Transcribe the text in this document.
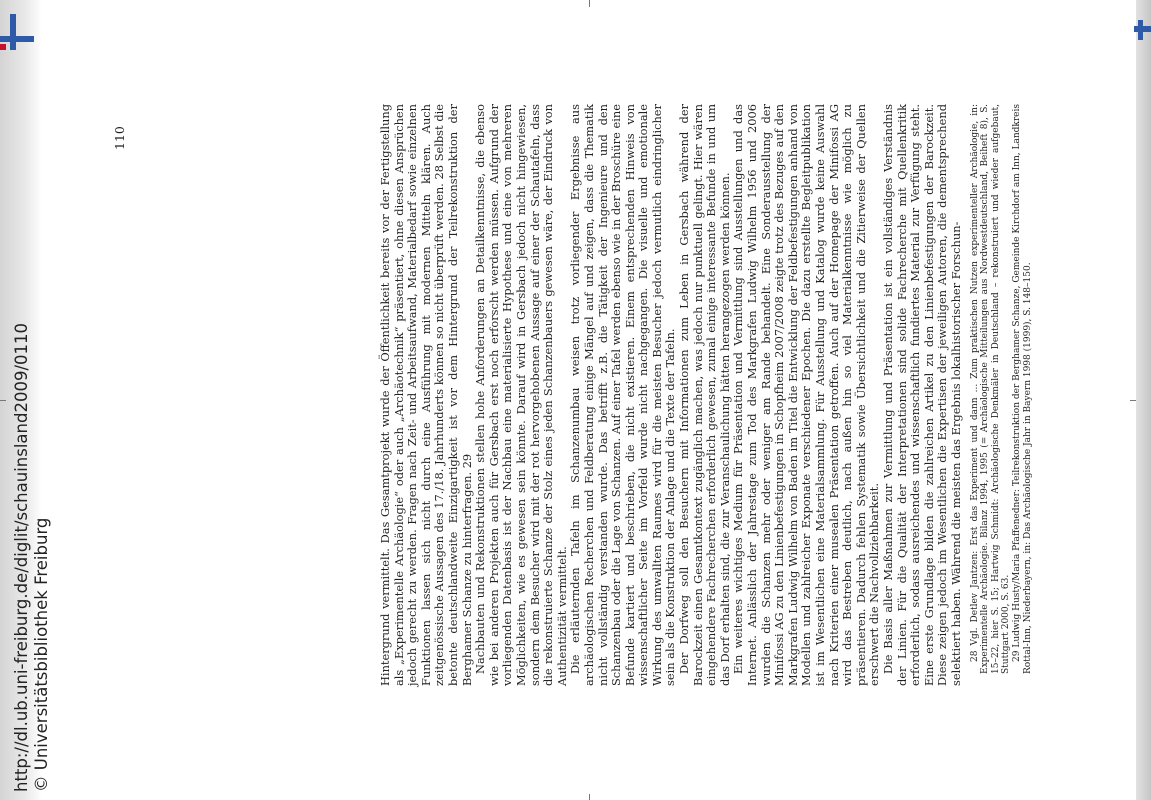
http://dl.ub.uni-freiburg.de/diglit/schauinsland2009/0110 © Universitätsbibliothek Freiburg	Hintergrund vermittelt. Das Gesamtprojekt wurde der Öffentlichkeit bereits vor der Fertigstellung als „Experimentelle Archäologie“ oder auch „Archäotechnik“ präsentiert, ohne diesen Ansprüchen jedoch gerecht zu werden. Fragen nach Zeit- und Arbeitsaufwand, Materialbedarf sowie einzelnen Funktionen lassen sich nicht durch eine Ausführung mit modernen Mitteln klären. Auch zeitgenössische Aussagen des 17./18. Jahrhunderts können so nicht überprüft werden. 28 Selbst die betonte deutschlandweite Einzigartigkeit ist vor dem Hintergrund der Teilrekonstruktion der Berghamer Schanze zu hinterfragen. 29 Nachbauten und Rekonstruktionen stellen hohe Anforderungen an Detailkenntnisse, die ebenso wie bei anderen Projekten auch für Gersbach erst noch erforscht werden müssen. Aufgrund der vorliegenden Datenbasis ist der Nachbau eine materialisierte Hypothese und eine von mehreren Möglichkeiten, wie es gewesen sein könnte. Darauf wird in Gersbach jedoch nicht hingewiesen, sondern dem Besucher wird mit der rot hervorgehobenen Aussage auf einer der Schautafeln, dass die rekonstruierte Schanze der Stolz eines jeden Schanzenbauers gewesen wäre, der Eindruck von Authentizität vermittelt. Die erläuternden Tafeln im Schanzenumbau weisen trotz vorliegender Ergebnisse aus archäologischen Recherchen und Feldberatung einige Mängel auf und zeigen, dass die Thematik nicht vollständig verstanden wurde. Das betrifft z.B. die Tätigkeit der Ingenieure und den Schanzenbau oder die Lage von Schanzen. Auf einer Tafel werden ebenso wie in der Broschüre eine Befunde kartiert und beschrieben, die nicht existieren. Einem entsprechenden Hinweis von wissenschaftlicher Seite im Vorfeld wurde nicht nachgegangen. Die visuelle und emotionale Wirkung des umwallten Raumes wird für die meisten Besucher jedoch vermutlich eindringlicher sein als die Konstruktion der Anlage und die Texte der Tafeln. Der Dorfweg soll den Besuchern mit Informationen zum Leben in Gersbach während der Barockzeit einen Gesamtkontext zugänglich machen, was jedoch nur punktuell gelingt. Hier wären eingehendere Fachrecherchen erforderlich gewesen, zumal einige interessante Befunde in und um das Dorf erhalten sind, die zur Veranschaulichung hätten herangezogen werden können. Ein weiteres wichtiges Medium für Präsentation und Vermittlung sind Ausstellungen und das Internet. Anlässlich der Jahrestage zum Tod des Markgrafen Ludwig Wilhelm 1956 und 2006 wurden die Schanzen mehr oder weniger am Rande behandelt. Eine Sonderausstellung der Minifossi AG zu den Linienbefestigungen in Schopfheim 2007/2008 zeigte trotz des Bezuges auf den Markgrafen Ludwig Wilhelm von Baden im Titel die Entwicklung der Feldbefestigungen anhand von Modellen und zahlreicher Exponate verschiedener Epochen. Die dazu erstellte Begleitpublikation ist im Wesentlichen eine Materialsammlung. Für Ausstellung und Katalog wurde keine Auswahl nach Kriterien einer musealen Präsentation getroffen. Auch auf der Homepage der Minifossi AG wird das Bestreben deutlich, nach außen hin so viel Materialkenntnisse wie möglich zu präsentieren. Dadurch fehlen Systematik sowie Übersichtlichkeit und die Zitierweise der Quellen erschwert die Nachvollziehbarkeit. Die Basis aller Maßnahmen zur Vermittlung und Präsentation ist ein vollständiges Verständnis der Linien. Für die Qualität der Interpretationen sind solide Fachrecherche mit Quellenkritik erforderlich, sodass ausreichendes und wissenschaftlich fundiertes Material zur Verfügung steht. Eine erste Grundlage bilden die zahlreichen Artikel zu den Linienbefestigungen der Barockzeit. Diese zeigen jedoch im Wesentlichen die Expertisen der jeweiligen Autoren, die dementsprechend selektiert haben. Während die meisten das Ergebnis lokalhistorischer Forschun- 28 Vgl. Detlev Jantzen: Erst das Experiment und dann ... Zum praktischen Nutzen experimenteller Archäologie, in: Experimentelle Archäologie. Bilanz 1994, 1995 (= Archäologische Mitteilungen aus Nordwestdeutschland, Beiheft 8), S. 15–22, hier S. 15; Hartwig Schmidt: Archäologische Denkmäler in Deutschland – rekonstruiert und wieder aufgebaut, Stuttgart 2000, S. 63. 29 Ludwig Husty/Maria Pfaffenedner: Teilrekonstruktion der Berghamer Schanze, Gemeinde Kirchdorf am Inn, Landkreis Rottal-Inn, Niederbayern, in: Das Archäologische Jahr in Bayern 1998 (1999), S. 148–150.

110
